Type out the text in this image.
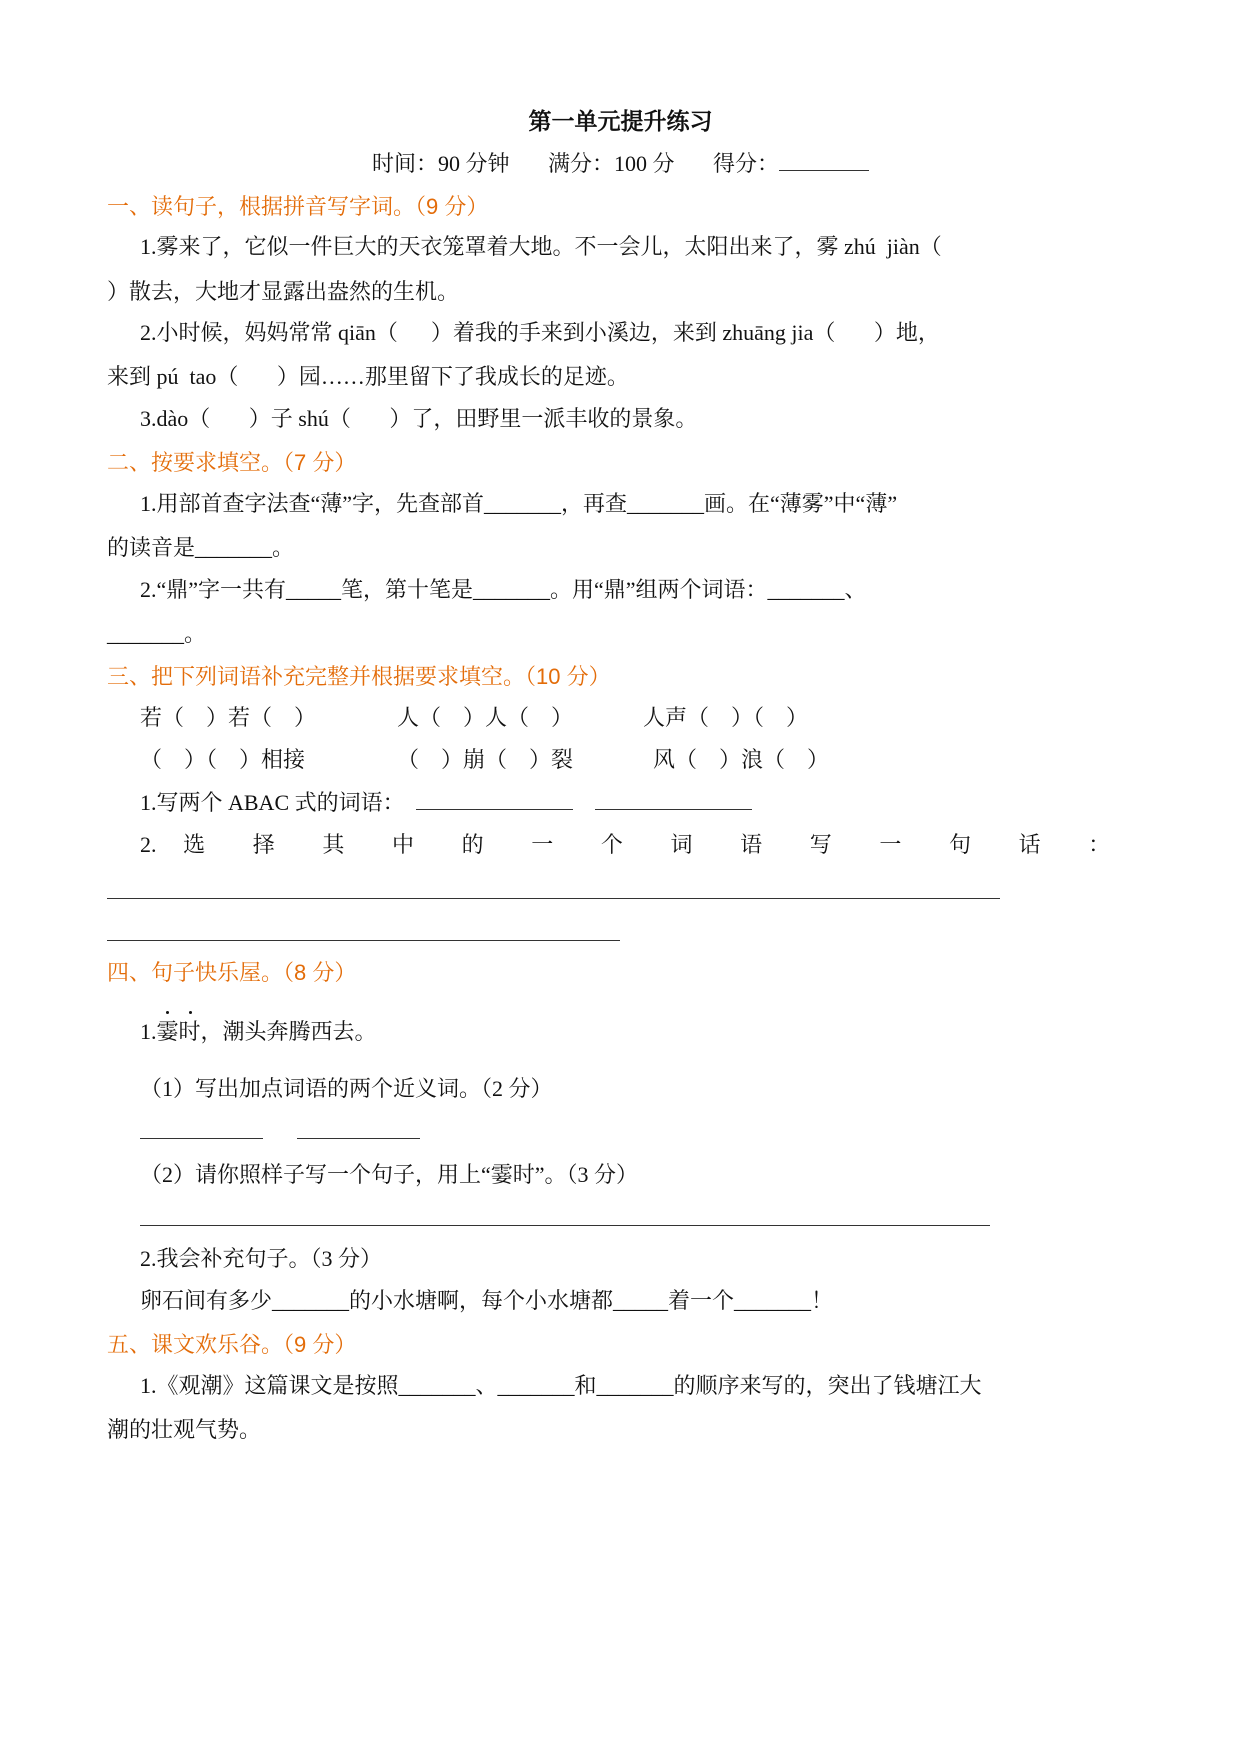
第一单元提升练习
时间：90 分钟 满分：100 分 得分：
一、读句子，根据拼音写字词。（9 分）
1.雾来了，它似一件巨大的天衣笼罩着大地。不一会儿，太阳出来了，雾 zhú  jiàn（
）散去，大地才显露出盎然的生机。
2.小时候，妈妈常常 qiān（      ）着我的手来到小溪边，来到 zhuāng jia（       ）地，
来到 pú  tao（       ）园……那里留下了我成长的足迹。
3.dào（       ）子 shú（       ）了，田野里一派丰收的景象。
二、按要求填空。（7 分）
1.用部首查字法查“薄”字，先查部首_______，再查_______画。在“薄雾”中“薄”
的读音是_______。
2.“鼎”字一共有_____笔，第十笔是_______。用“鼎”组两个词语：_______、
_______。
三、把下列词语补充完整并根据要求填空。（10 分）
若（    ）若（    ）	人（    ）人（    ）	人声（    ）（    ）
（    ）（    ）相接	（    ）崩（    ）裂	风（    ）浪（    ）
1.写两个 ABAC 式的词语：
2. 选 择 其 中 的 一 个 词 语 写 一 句 话 ：
四、句子快乐屋。（8 分）
1.霎时，潮头奔腾西去。
（1）写出加点词语的两个近义词。（2 分）
（2）请你照样子写一个句子，用上“霎时”。（3 分）
2.我会补充句子。（3 分）
卵石间有多少_______的小水塘啊，每个小水塘都_____着一个_______！
五、课文欢乐谷。（9 分）
1.《观潮》这篇课文是按照_______、_______和_______的顺序来写的，突出了钱塘江大
潮的壮观气势。
